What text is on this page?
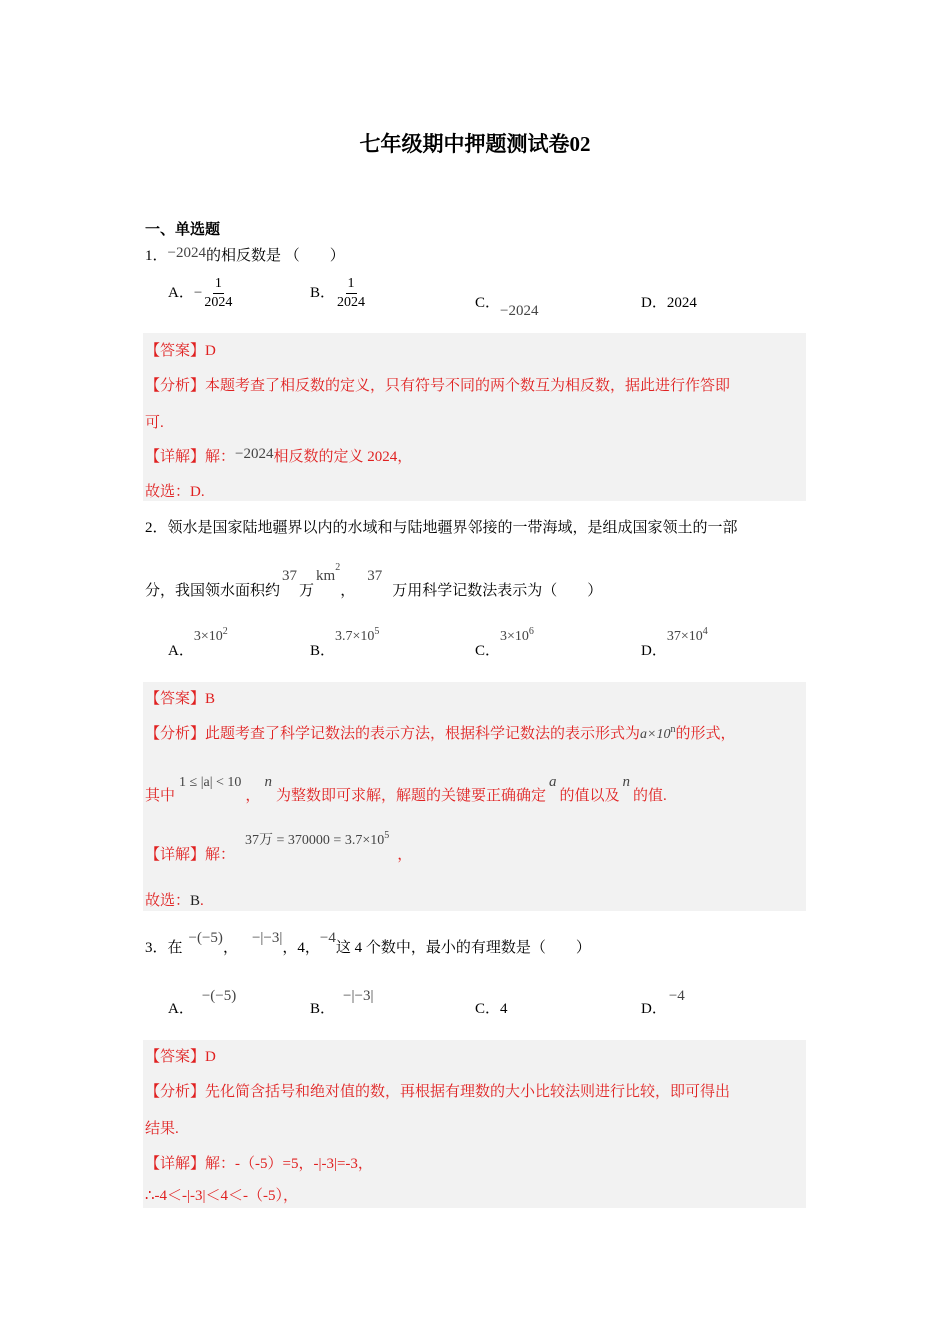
七年级期中押题测试卷02
一、单选题
1．−2024的相反数是 （　　）
A．− $\frac{1}{2024}$	B． $\frac{1}{2024}$	C．−2024	D．2024
【答案】D
【分析】本题考查了相反数的定义，只有符号不同的两个数互为相反数，据此进行作答即
可.
【详解】解：−2024相反数的定义 2024，
故选：D.
2．领水是国家陆地疆界以内的水域和与陆地疆界邻接的一带海域，是组成国家领土的一部
分，我国领水面积约37万$km^2$，37万用科学记数法表示为（　　）
A．$3\times 10^2$
B．$3.7\times 10^5$
C．$3\times 10^6$
D．$37\times 10^4$
【答案】B
【分析】此题考查了科学记数法的表示方法，根据科学记数法的表示形式为$a\times 10^n$的形式，
其中1 ≤ |a| < 10，n为整数即可求解，解题的关键要正确确定a的值以及n的值.
【详解】解：37万 = $370000 = 3.7\times 10^5$，
故选：B.
3．在−(−5)，−|−3|，4，−4这 4 个数中，最小的有理数是（　　）
A．−(−5)
B．−|−3|
C．4	D．−4
【答案】D
【分析】先化简含括号和绝对值的数，再根据有理数的大小比较法则进行比较，即可得出
结果.
【详解】解：-（-5）=5，-|-3|=-3，
∴-4＜-|-3|＜4＜-（-5），
